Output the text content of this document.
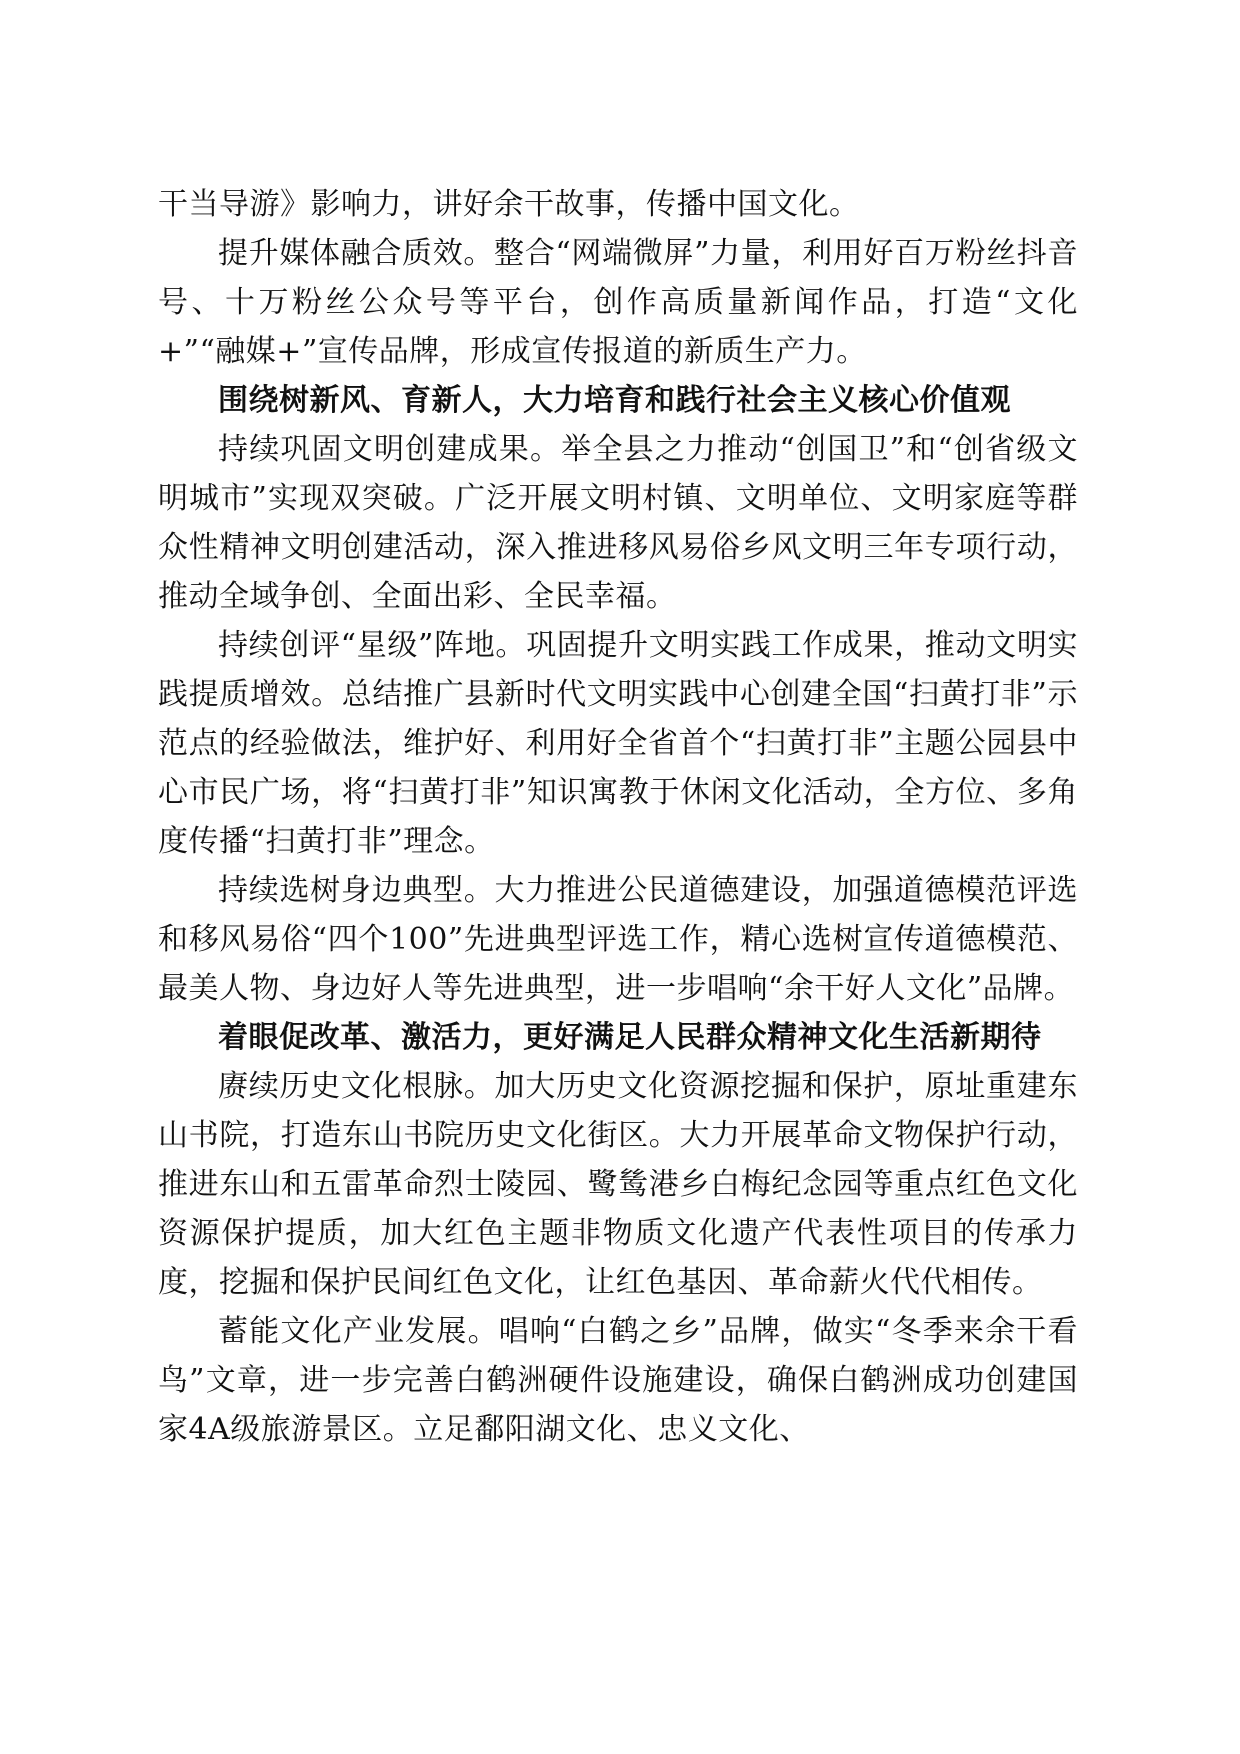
干当导游》影响力，讲好余干故事，传播中国文化。

提升媒体融合质效。整合“网端微屏”力量，利用好百万粉丝抖音号、十万粉丝公众号等平台，创作高质量新闻作品，打造“文化+”“融媒+”宣传品牌，形成宣传报道的新质生产力。

围绕树新风、育新人，大力培育和践行社会主义核心价值观

持续巩固文明创建成果。举全县之力推动“创国卫”和“创省级文明城市”实现双突破。广泛开展文明村镇、文明单位、文明家庭等群众性精神文明创建活动，深入推进移风易俗乡风文明三年专项行动，推动全域争创、全面出彩、全民幸福。

持续创评“星级”阵地。巩固提升文明实践工作成果，推动文明实践提质增效。总结推广县新时代文明实践中心创建全国“扫黄打非”示范点的经验做法，维护好、利用好全省首个“扫黄打非”主题公园县中心市民广场，将“扫黄打非”知识寓教于休闲文化活动，全方位、多角度传播“扫黄打非”理念。

持续选树身边典型。大力推进公民道德建设，加强道德模范评选和移风易俗“四个100”先进典型评选工作，精心选树宣传道德模范、最美人物、身边好人等先进典型，进一步唱响“余干好人文化”品牌。

着眼促改革、激活力，更好满足人民群众精神文化生活新期待

赓续历史文化根脉。加大历史文化资源挖掘和保护，原址重建东山书院，打造东山书院历史文化街区。大力开展革命文物保护行动，推进东山和五雷革命烈士陵园、鹭鸶港乡白梅纪念园等重点红色文化资源保护提质，加大红色主题非物质文化遗产代表性项目的传承力度，挖掘和保护民间红色文化，让红色基因、革命薪火代代相传。

蓄能文化产业发展。唱响“白鹤之乡”品牌，做实“冬季来余干看鸟”文章，进一步完善白鹤洲硬件设施建设，确保白鹤洲成功创建国家4A级旅游景区。立足鄱阳湖文化、忠义文化、
